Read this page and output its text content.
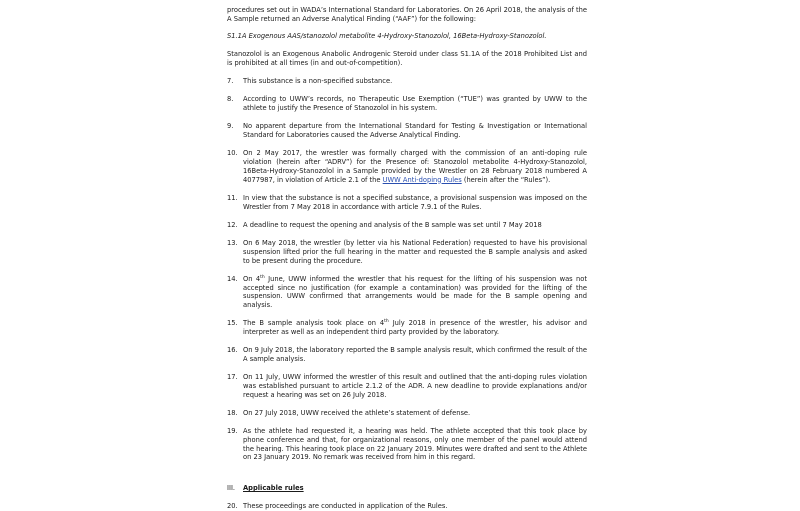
procedures set out in WADA’s International Standard for Laboratories. On 26 April 2018, the analysis of the A Sample returned an Adverse Analytical Finding (“AAF”) for the following:

S1.1A Exogenous AAS/stanozolol metabolite 4-Hydroxy-Stanozolol, 16Beta-Hydroxy-Stanozolol.

Stanozolol is an Exogenous Anabolic Androgenic Steroid under class S1.1A of the 2018 Prohibited List and is prohibited at all times (in and out-of-competition).

7. This substance is a non-specified substance.
8. According to UWW’s records, no Therapeutic Use Exemption (“TUE”) was granted by UWW to the athlete to justify the Presence of Stanozolol in his system.
9. No apparent departure from the International Standard for Testing & Investigation or International Standard for Laboratories caused the Adverse Analytical Finding.
10. On 2 May 2017, the wrestler was formally charged with the commission of an anti-doping rule violation (herein after “ADRV”) for the Presence of: Stanozolol metabolite 4-Hydroxy-Stanozolol, 16Beta-Hydroxy-Stanozolol in a Sample provided by the Wrestler on 28 February 2018 numbered A 4077987, in violation of Article 2.1 of the UWW Anti-doping Rules (herein after the “Rules”).
11. In view that the substance is not a specified substance, a provisional suspension was imposed on the Wrestler from 7 May 2018 in accordance with article 7.9.1 of the Rules.
12. A deadline to request the opening and analysis of the B sample was set until 7 May 2018
13. On 6 May 2018, the wrestler (by letter via his National Federation) requested to have his provisional suspension lifted prior the full hearing in the matter and requested the B sample analysis and asked to be present during the procedure.
14. On 4th June, UWW informed the wrestler that his request for the lifting of his suspension was not accepted since no justification (for example a contamination) was provided for the lifting of the suspension. UWW confirmed that arrangements would be made for the B sample opening and analysis.
15. The B sample analysis took place on 4th July 2018 in presence of the wrestler, his advisor and interpreter as well as an independent third party provided by the laboratory.
16. On 9 July 2018, the laboratory reported the B sample analysis result, which confirmed the result of the A sample analysis.
17. On 11 July, UWW informed the wrestler of this result and outlined that the anti-doping rules violation was established pursuant to article 2.1.2 of the ADR. A new deadline to provide explanations and/or request a hearing was set on 26 July 2018.
18. On 27 July 2018, UWW received the athlete’s statement of defense.
19. As the athlete had requested it, a hearing was held. The athlete accepted that this took place by phone conference and that, for organizational reasons, only one member of the panel would attend the hearing. This hearing took place on 22 January 2019. Minutes were drafted and sent to the Athlete on 23 January 2019. No remark was received from him in this regard.
III. Applicable rules
20. These proceedings are conducted in application of the Rules.
